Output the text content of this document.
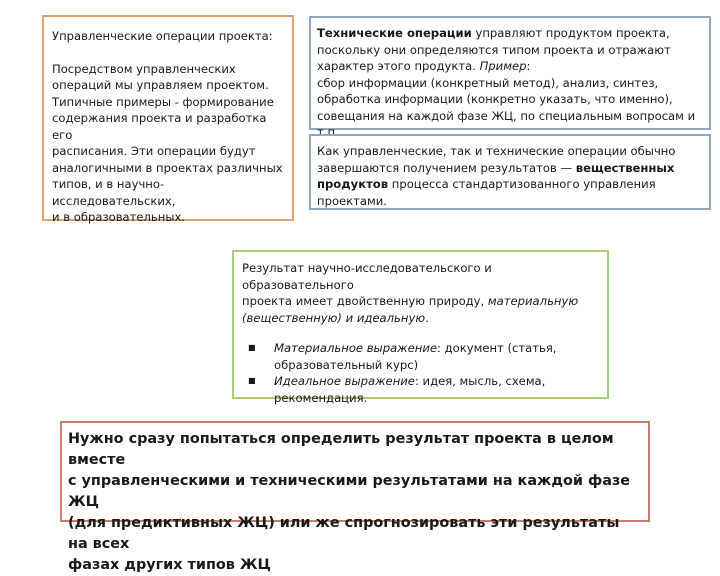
Управленческие операции проекта:

Посредством управленческих

операций мы управляем проектом.

Типичные примеры - формирование

содержания проекта и разработка его

расписания. Эти операции будут

аналогичными в проектах различных

типов, и в научно-исследовательских,

и в образовательных.

Технические операции управляют продуктом проекта,

поскольку они определяются типом проекта и отражают

характер этого продукта. Пример:

сбор информации (конкретный метод), анализ, синтез,

обработка информации (конкретно указать, что именно),

совещания на каждой фазе ЖЦ, по специальным вопросам и т.п.

Как управленческие, так и технические операции обычно

завершаются получением результатов — вещественных

продуктов процесса стандартизованного управления проектами.

Результат научно-исследовательского и образовательного

проекта имеет двойственную природу, материальную

(вещественную) и идеальную.

■ Материальное выражение: документ (статья,
образовательный курс)
■ Идеальное выражение: идея, мысль, схема,
рекомендация.

Нужно сразу попытаться определить результат проекта в целом вместе

с управленческими и техническими результатами на каждой фазе ЖЦ

(для предиктивных ЖЦ) или же спрогнозировать эти результаты на всех

фазах других типов ЖЦ
